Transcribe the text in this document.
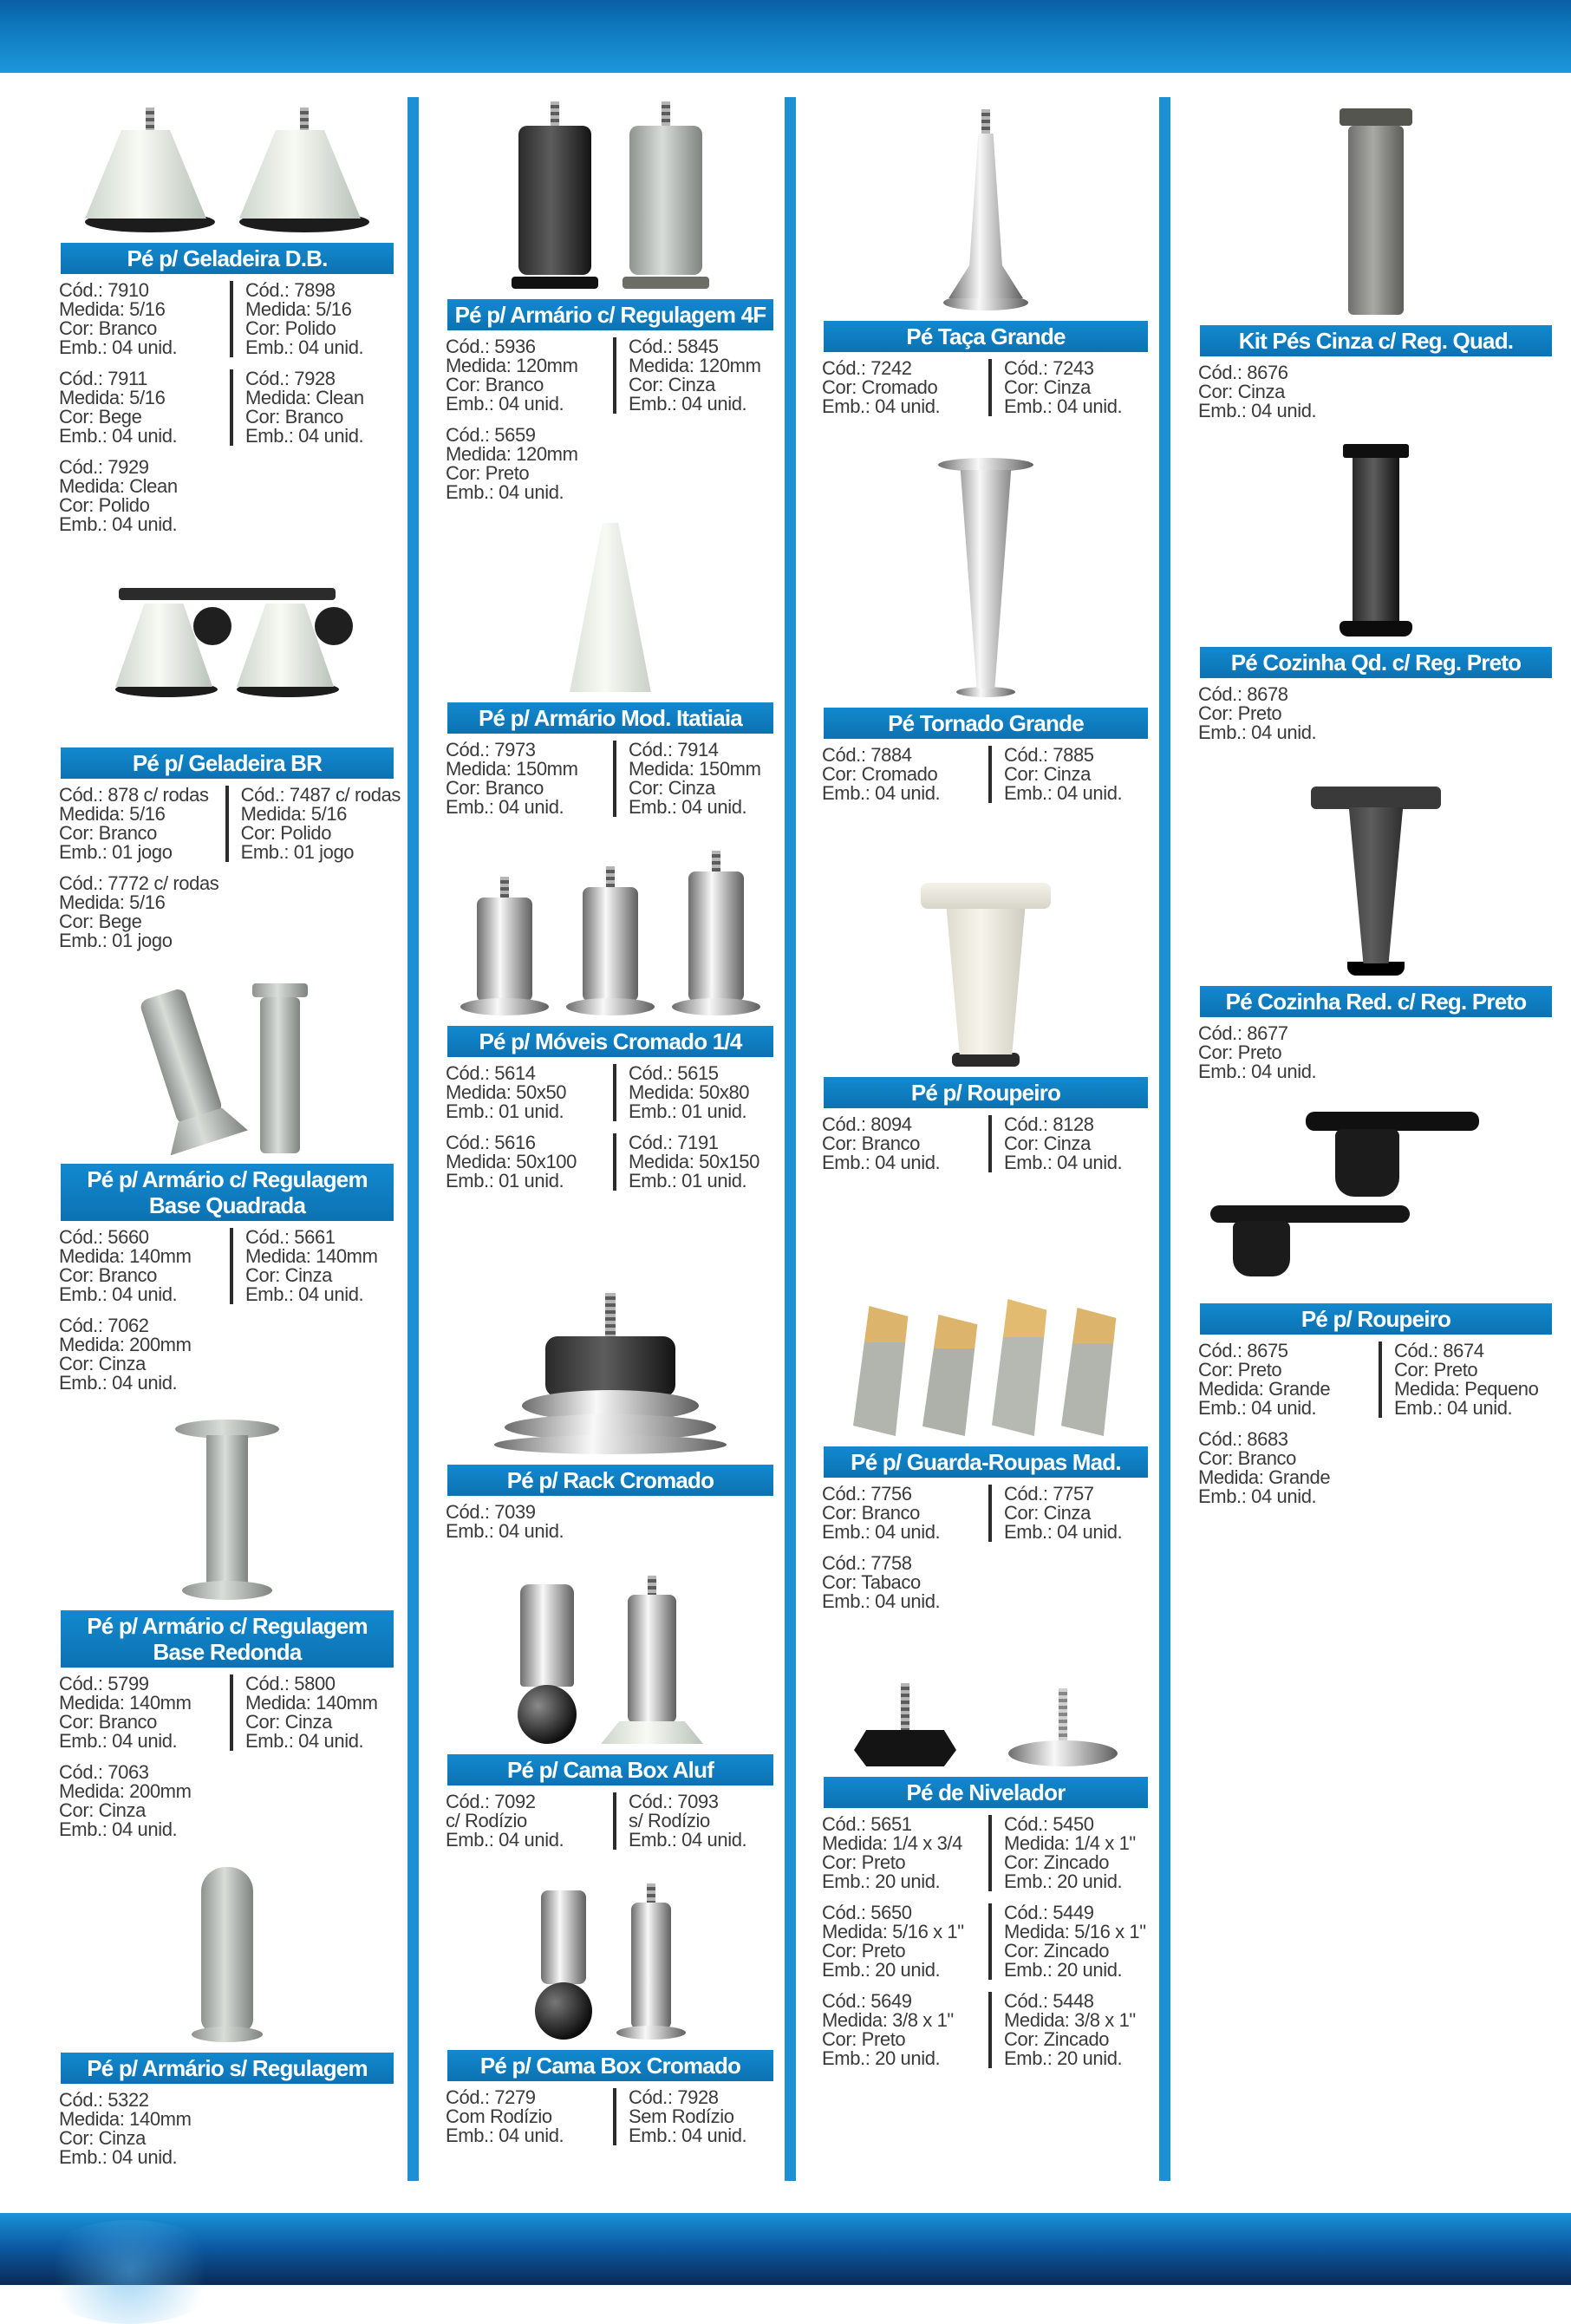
Pé p/ Geladeira D.B.
Cód.: 7910
Medida: 5/16
Cor: Branco
Emb.: 04 unid.
Cód.: 7898
Medida: 5/16
Cor: Polido
Emb.: 04 unid.
Cód.: 7911
Medida: 5/16
Cor: Bege
Emb.: 04 unid.
Cód.: 7928
Medida: Clean
Cor: Branco
Emb.: 04 unid.
Cód.: 7929
Medida: Clean
Cor: Polido
Emb.: 04 unid.
Pé p/ Geladeira BR
Cód.: 878 c/ rodas
Medida: 5/16
Cor: Branco
Emb.: 01 jogo
Cód.: 7487 c/ rodas
Medida: 5/16
Cor: Polido
Emb.: 01 jogo
Cód.: 7772 c/ rodas
Medida: 5/16
Cor: Bege
Emb.: 01 jogo
Pé p/ Armário c/ Regulagem Base Quadrada
Cód.: 5660
Medida: 140mm
Cor: Branco
Emb.: 04 unid.
Cód.: 5661
Medida: 140mm
Cor: Cinza
Emb.: 04 unid.
Cód.: 7062
Medida: 200mm
Cor: Cinza
Emb.: 04 unid.
Pé p/ Armário c/ Regulagem Base Redonda
Cód.: 5799
Medida: 140mm
Cor: Branco
Emb.: 04 unid.
Cód.: 5800
Medida: 140mm
Cor: Cinza
Emb.: 04 unid.
Cód.: 7063
Medida: 200mm
Cor: Cinza
Emb.: 04 unid.
Pé p/ Armário s/ Regulagem
Cód.: 5322
Medida: 140mm
Cor: Cinza
Emb.: 04 unid.
Pé p/ Armário c/ Regulagem 4F
Cód.: 5936
Medida: 120mm
Cor: Branco
Emb.: 04 unid.
Cód.: 5845
Medida: 120mm
Cor: Cinza
Emb.: 04 unid.
Cód.: 5659
Medida: 120mm
Cor: Preto
Emb.: 04 unid.
Pé p/ Armário Mod. Itatiaia
Cód.: 7973
Medida: 150mm
Cor: Branco
Emb.: 04 unid.
Cód.: 7914
Medida: 150mm
Cor: Cinza
Emb.: 04 unid.
Pé p/ Móveis Cromado 1/4
Cód.: 5614
Medida: 50x50
Emb.: 01 unid.
Cód.: 5615
Medida: 50x80
Emb.: 01 unid.
Cód.: 5616
Medida: 50x100
Emb.: 01 unid.
Cód.: 7191
Medida: 50x150
Emb.: 01 unid.
Pé p/ Rack Cromado
Cód.: 7039
Emb.: 04 unid.
Pé p/ Cama Box Aluf
Cód.: 7092
c/ Rodízio
Emb.: 04 unid.
Cód.: 7093
s/ Rodízio
Emb.: 04 unid.
Pé p/ Cama Box Cromado
Cód.: 7279
Com Rodízio
Emb.: 04 unid.
Cód.: 7928
Sem Rodízio
Emb.: 04 unid.
Pé Taça Grande
Cód.: 7242
Cor: Cromado
Emb.: 04 unid.
Cód.: 7243
Cor: Cinza
Emb.: 04 unid.
Pé Tornado Grande
Cód.: 7884
Cor: Cromado
Emb.: 04 unid.
Cód.: 7885
Cor: Cinza
Emb.: 04 unid.
Pé p/ Roupeiro
Cód.: 8094
Cor: Branco
Emb.: 04 unid.
Cód.: 8128
Cor: Cinza
Emb.: 04 unid.
Pé p/ Guarda-Roupas Mad.
Cód.: 7756
Cor: Branco
Emb.: 04 unid.
Cód.: 7757
Cor: Cinza
Emb.: 04 unid.
Cód.: 7758
Cor: Tabaco
Emb.: 04 unid.
Pé de Nivelador
Cód.: 5651
Medida: 1/4 x 3/4
Cor: Preto
Emb.: 20 unid.
Cód.: 5450
Medida: 1/4 x 1"
Cor: Zincado
Emb.: 20 unid.
Cód.: 5650
Medida: 5/16 x 1"
Cor: Preto
Emb.: 20 unid.
Cód.: 5449
Medida: 5/16 x 1"
Cor: Zincado
Emb.: 20 unid.
Cód.: 5649
Medida: 3/8 x 1"
Cor: Preto
Emb.: 20 unid.
Cód.: 5448
Medida: 3/8 x 1"
Cor: Zincado
Emb.: 20 unid.
Kit Pés Cinza c/ Reg. Quad.
Cód.: 8676
Cor: Cinza
Emb.: 04 unid.
Pé Cozinha Qd. c/ Reg. Preto
Cód.: 8678
Cor: Preto
Emb.: 04 unid.
Pé Cozinha Red. c/ Reg. Preto
Cód.: 8677
Cor: Preto
Emb.: 04 unid.
Pé p/ Roupeiro
Cód.: 8675
Cor: Preto
Medida: Grande
Emb.: 04 unid.
Cód.: 8674
Cor: Preto
Medida: Pequeno
Emb.: 04 unid.
Cód.: 8683
Cor: Branco
Medida: Grande
Emb.: 04 unid.
